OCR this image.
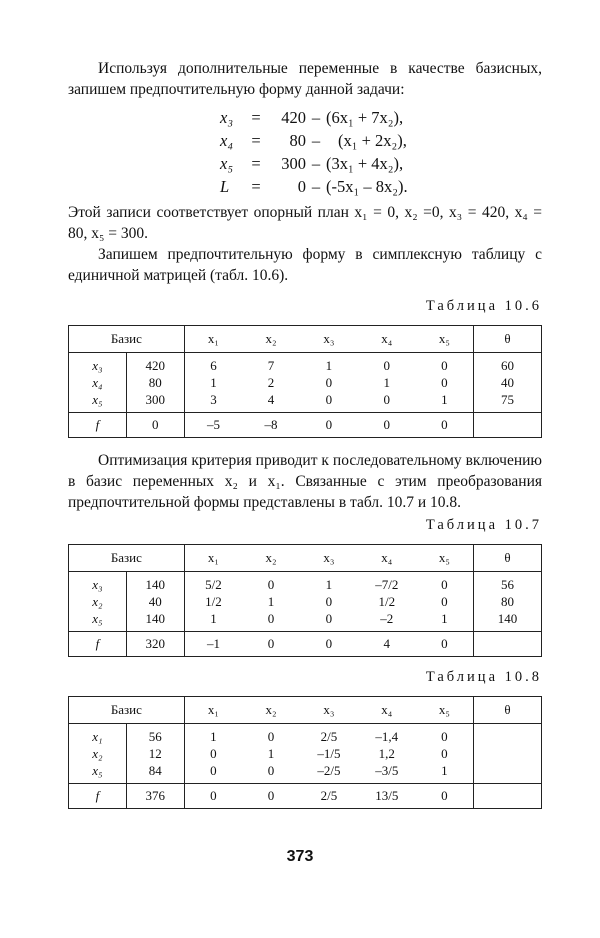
Используя дополнительные переменные в качестве базисных, запишем предпочтительную форму данной задачи:

x₃	=	420 – (6x₁ + 7x₂),
x₄	=	80 –	(x₁ + 2x₂),
x₅	=	300 – (3x₁ + 4x₂),
L	=	0 – (-5x₁ – 8x₂).

Этой записи соответствует опорный план x₁ = 0, x₂ =0, x₃ = 420, x₄ = 80, x₅ = 300.

Запишем предпочтительную форму в симплексную таблицу с единичной матрицей (табл. 10.6).

Таблица 10.6
Базис		x₁	x₂	x₃	x₄	x₅	θ
x₃	420	6	7	1	0	0	60
x₄	80	1	2	0	1	0	40
x₅	300	3	4	0	0	1	75
f	0	–5	–8	0	0	0	

Оптимизация критерия приводит к последовательному включению в базис переменных x₂ и x₁. Связанные с этим преобразования предпочтительной формы представлены в табл. 10.7 и 10.8.

Таблица 10.7
Базис		x₁	x₂	x₃	x₄	x₅	θ
x₃	140	5/2	0	1	–7/2	0	56
x₂	40	1/2	1	0	1/2	0	80
x₅	140	1	0	0	–2	1	140
f	320	–1	0	0	4	0	
Таблица 10.8
Базис		x₁	x₂	x₃	x₄	x₅	θ
x₁	56	1	0	2/5	–1,4	0	
x₂	12	0	1	–1/5	1,2	0	
x₅	84	0	0	–2/5	–3/5	1	
f	376	0	0	2/5	13/5	0	
373
